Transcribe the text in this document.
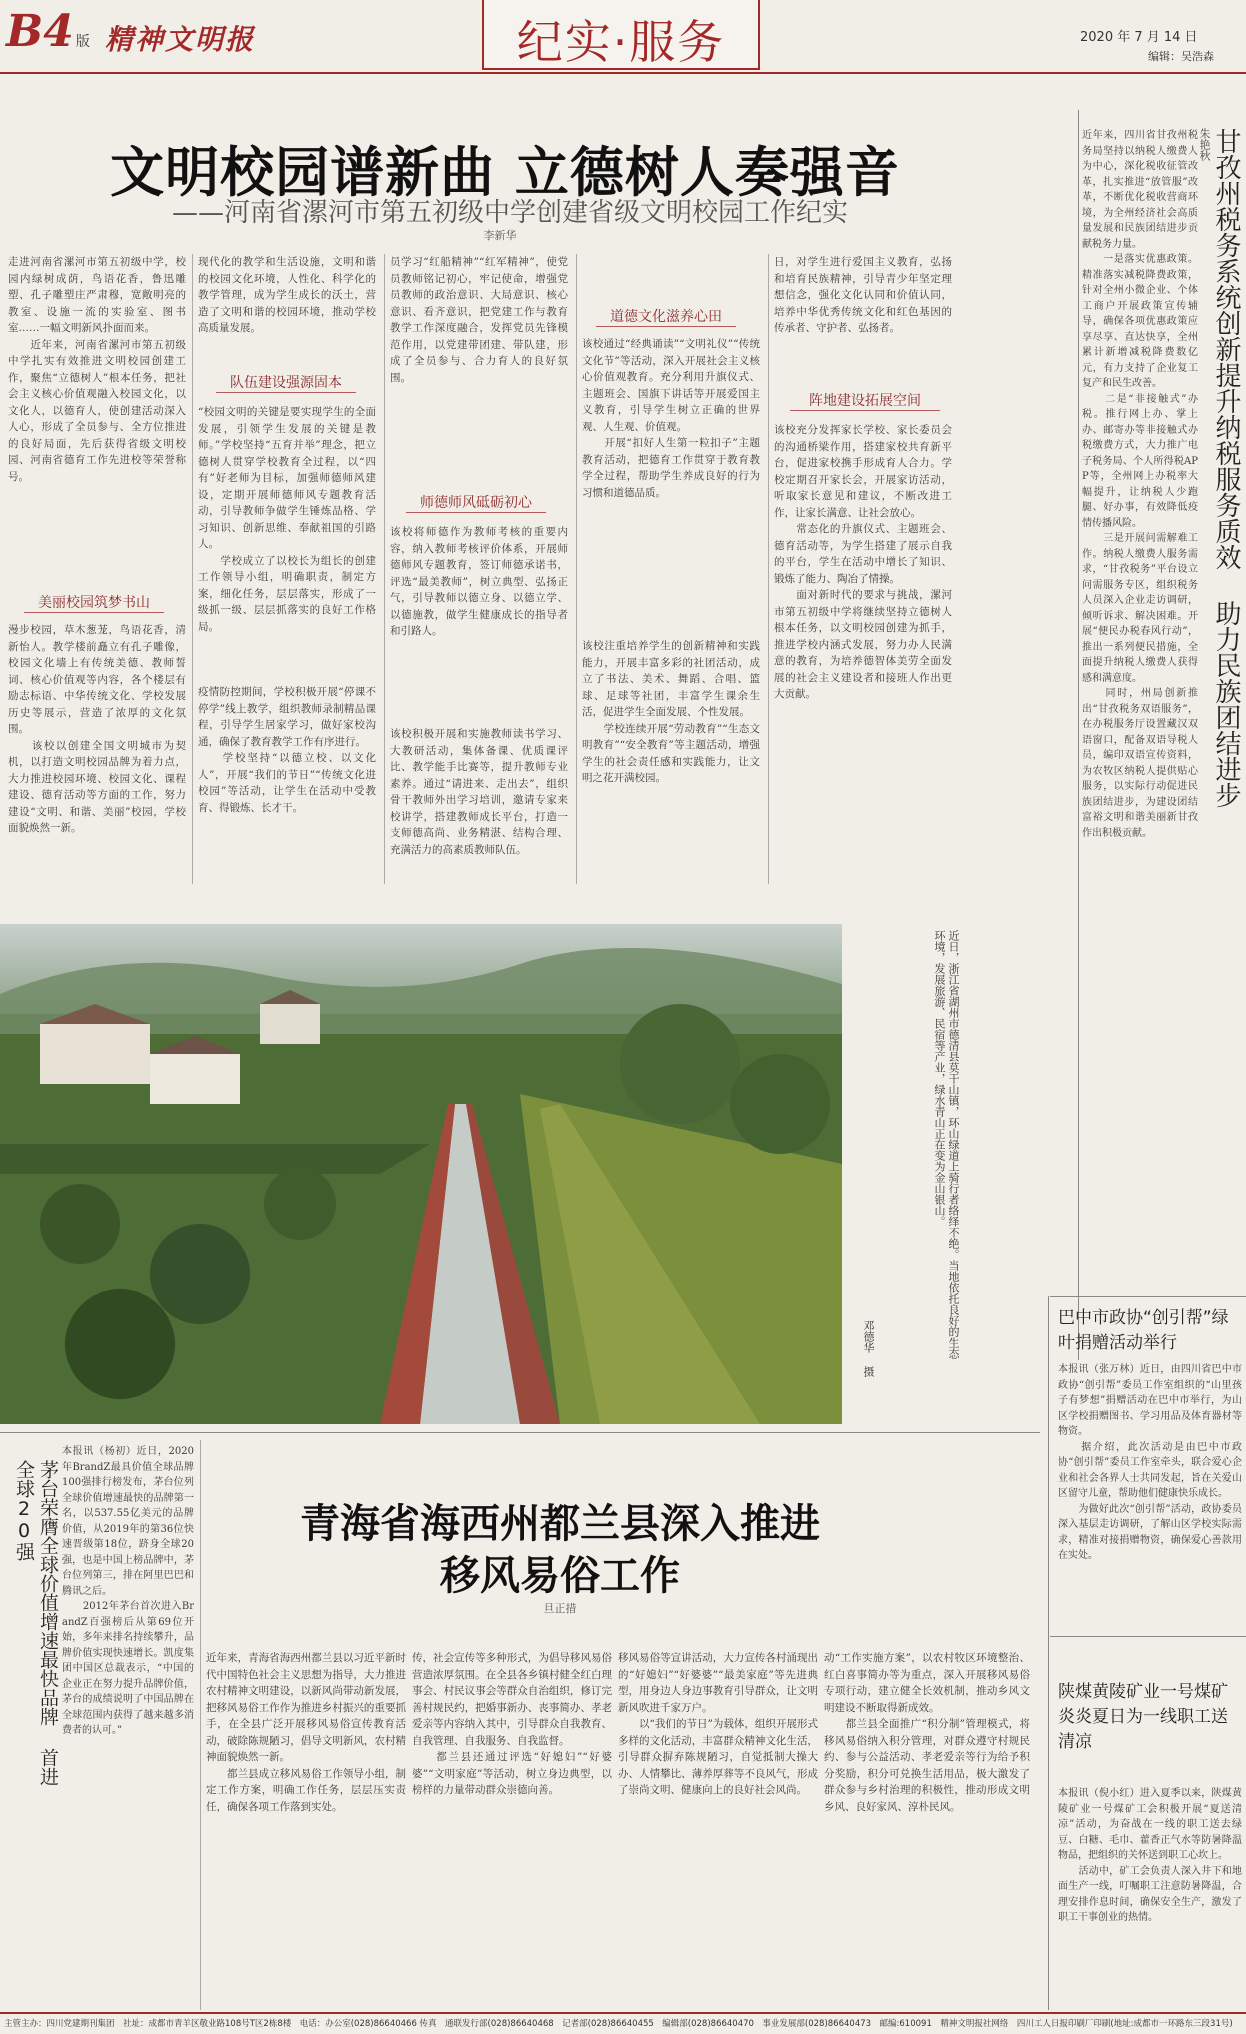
B4 版 精神文明报	纪实·服务	2020 年 7 月 14 日
编辑：吴浩森
文明校园谱新曲 立德树人奏强音
——河南省漯河市第五初级中学创建省级文明校园工作纪实
李新华
走进河南省漯河市第五初级中学，校园内绿树成荫，鸟语花香，鲁迅雕塑、孔子雕塑庄严肃穆，宽敞明亮的教室、设施一流的实验室、图书室……一幅文明新风扑面而来。
　　近年来，河南省漯河市第五初级中学扎实有效推进文明校园创建工作，聚焦“立德树人”根本任务，把社会主义核心价值观融入校园文化，以文化人，以德育人，使创建活动深入人心，形成了全员参与、全方位推进的良好局面，先后获得省级文明校园、河南省德育工作先进校等荣誉称号。
美丽校园筑梦书山
漫步校园，草木葱茏，鸟语花香，清新怡人。教学楼前矗立有孔子雕像，校园文化墙上有传统美德、教师誓词、核心价值观等内容，各个楼层有励志标语、中华传统文化、学校发展历史等展示，营造了浓厚的文化氛围。
　　该校以创建全国文明城市为契机，以打造文明校园品牌为着力点，大力推进校园环境、校园文化、课程建设、德育活动等方面的工作，努力建设“文明、和谐、美丽”校园，学校面貌焕然一新。
现代化的教学和生活设施，文明和谐的校园文化环境，人性化、科学化的教学管理，成为学生成长的沃土，营造了文明和谐的校园环境，推动学校高质量发展。
队伍建设强源固本
“校园文明的关键是要实现学生的全面发展，引领学生发展的关键是教师。”学校坚持“五育并举”理念，把立德树人贯穿学校教育全过程，以“四有”好老师为目标，加强师德师风建设，定期开展师德师风专题教育活动，引导教师争做学生锤炼品格、学习知识、创新思维、奉献祖国的引路人。
　　学校成立了以校长为组长的创建工作领导小组，明确职责，制定方案，细化任务，层层落实，形成了一级抓一级、层层抓落实的良好工作格局。
疫情防控期间，学校积极开展“停课不停学”线上教学，组织教师录制精品课程，引导学生居家学习，做好家校沟通，确保了教育教学工作有序进行。
　　学校坚持“以德立校、以文化人”，开展“我们的节日”“传统文化进校园”等活动，让学生在活动中受教育、得锻炼、长才干。
员学习“红船精神”“红军精神”，使党员教师铭记初心，牢记使命，增强党员教师的政治意识、大局意识、核心意识、看齐意识，把党建工作与教育教学工作深度融合，发挥党员先锋模范作用，以党建带团建、带队建，形成了全员参与、合力育人的良好氛围。
师德师风砥砺初心
该校将师德作为教师考核的重要内容，纳入教师考核评价体系，开展师德师风专题教育，签订师德承诺书，评选“最美教师”，树立典型、弘扬正气，引导教师以德立身、以德立学、以德施教，做学生健康成长的指导者和引路人。
该校积极开展和实施教师读书学习、大教研活动，集体备课、优质课评比、教学能手比赛等，提升教师专业素养。通过“请进来、走出去”，组织骨干教师外出学习培训，邀请专家来校讲学，搭建教师成长平台，打造一支师德高尚、业务精湛、结构合理、充满活力的高素质教师队伍。
道德文化滋养心田
该校通过“经典诵读”“文明礼仪”“传统文化节”等活动，深入开展社会主义核心价值观教育。充分利用升旗仪式、主题班会、国旗下讲话等开展爱国主义教育，引导学生树立正确的世界观、人生观、价值观。
　　开展“扣好人生第一粒扣子”主题教育活动，把德育工作贯穿于教育教学全过程，帮助学生养成良好的行为习惯和道德品质。
该校注重培养学生的创新精神和实践能力，开展丰富多彩的社团活动，成立了书法、美术、舞蹈、合唱、篮球、足球等社团，丰富学生课余生活，促进学生全面发展、个性发展。
　　学校连续开展“劳动教育”“生态文明教育”“安全教育”等主题活动，增强学生的社会责任感和实践能力，让文明之花开满校园。
日，对学生进行爱国主义教育，弘扬和培育民族精神，引导青少年坚定理想信念，强化文化认同和价值认同，培养中华优秀传统文化和红色基因的传承者、守护者、弘扬者。
阵地建设拓展空间
该校充分发挥家长学校、家长委员会的沟通桥梁作用，搭建家校共育新平台，促进家校携手形成育人合力。学校定期召开家长会，开展家访活动，听取家长意见和建议，不断改进工作，让家长满意、让社会放心。
　　常态化的升旗仪式、主题班会、德育活动等，为学生搭建了展示自我的平台，学生在活动中增长了知识、锻炼了能力、陶冶了情操。
　　面对新时代的要求与挑战，漯河市第五初级中学将继续坚持立德树人根本任务，以文明校园创建为抓手，推进学校内涵式发展，努力办人民满意的教育，为培养德智体美劳全面发展的社会主义建设者和接班人作出更大贡献。
近年来，四川省甘孜州税务局坚持以纳税人缴费人为中心，深化税收征管改革，扎实推进“放管服”改革，不断优化税收营商环境，为全州经济社会高质量发展和民族团结进步贡献税务力量。
　　一是落实优惠政策。精准落实减税降费政策，针对全州小微企业、个体工商户开展政策宣传辅导，确保各项优惠政策应享尽享、直达快享，全州累计新增减税降费数亿元，有力支持了企业复工复产和民生改善。
　　二是“非接触式”办税。推行网上办、掌上办、邮寄办等非接触式办税缴费方式，大力推广电子税务局、个人所得税APP等，全州网上办税率大幅提升，让纳税人少跑腿、好办事，有效降低疫情传播风险。
　　三是开展问需解难工作。纳税人缴费人服务需求，“甘孜税务”平台设立问需服务专区，组织税务人员深入企业走访调研，倾听诉求、解决困难。开展“便民办税春风行动”，推出一系列便民措施，全面提升纳税人缴费人获得感和满意度。
　　同时，州局创新推出“甘孜税务双语服务”，在办税服务厅设置藏汉双语窗口，配备双语导税人员，编印双语宣传资料，为农牧区纳税人提供贴心服务，以实际行动促进民族团结进步，为建设团结富裕文明和谐美丽新甘孜作出积极贡献。
甘孜州税务系统创新提升纳税服务质效 助力民族团结进步
朱艳秋
近日，浙江省湖州市德清县莫干山镇，环山绿道上骑行者络绎不绝。当地依托良好的生态环境，发展旅游、民宿等产业，绿水青山正在变为金山银山。
邓德华 摄
巴中市政协“创引帮”绿叶捐赠活动举行
本报讯（张万林）近日，由四川省巴中市政协“创引帮”委员工作室组织的“山里孩子有梦想”捐赠活动在巴中市举行，为山区学校捐赠图书、学习用品及体育器材等物资。
　　据介绍，此次活动是由巴中市政协“创引帮”委员工作室牵头，联合爱心企业和社会各界人士共同发起，旨在关爱山区留守儿童，帮助他们健康快乐成长。
　　为做好此次“创引帮”活动，政协委员深入基层走访调研，了解山区学校实际需求，精准对接捐赠物资，确保爱心善款用在实处。
陕煤黄陵矿业一号煤矿炎炎夏日为一线职工送清凉
本报讯（倪小红）进入夏季以来，陕煤黄陵矿业一号煤矿工会积极开展“夏送清凉”活动，为奋战在一线的职工送去绿豆、白糖、毛巾、藿香正气水等防暑降温物品，把组织的关怀送到职工心坎上。
　　活动中，矿工会负责人深入井下和地面生产一线，叮嘱职工注意防暑降温，合理安排作息时间，确保安全生产，激发了职工干事创业的热情。
茅台荣膺全球价值增速最快品牌 首进全球20强
本报讯（杨初）近日，2020年BrandZ最具价值全球品牌100强排行榜发布，茅台位列全球价值增速最快的品牌第一名，以537.55亿美元的品牌价值，从2019年的第36位快速晋级第18位，跻身全球20强，也是中国上榜品牌中，茅台位列第三，排在阿里巴巴和腾讯之后。
　　2012年茅台首次进入BrandZ百强榜后从第69位开始，多年来排名持续攀升，品牌价值实现快速增长。凯度集团中国区总裁表示，“中国的企业正在努力提升品牌价值，茅台的成绩说明了中国品牌在全球范围内获得了越来越多消费者的认可。”
青海省海西州都兰县深入推进移风易俗工作
旦正措
近年来，青海省海西州都兰县以习近平新时代中国特色社会主义思想为指导，大力推进农村精神文明建设，以新风尚带动新发展，把移风易俗工作作为推进乡村振兴的重要抓手，在全县广泛开展移风易俗宣传教育活动，破除陈规陋习，倡导文明新风，农村精神面貌焕然一新。
　　都兰县成立移风易俗工作领导小组，制定工作方案，明确工作任务，层层压实责任，确保各项工作落到实处。
传，社会宣传等多种形式，为倡导移风易俗营造浓厚氛围。在全县各乡镇村健全红白理事会、村民议事会等群众自治组织，修订完善村规民约，把婚事新办、丧事简办、孝老爱亲等内容纳入其中，引导群众自我教育、自我管理、自我服务、自我监督。
　　都兰县还通过评选“好媳妇”“好婆婆”“文明家庭”等活动，树立身边典型，以榜样的力量带动群众崇德向善。
移风易俗等宣讲活动，大力宣传各村涌现出的“好媳妇”“好婆婆”“最美家庭”等先进典型，用身边人身边事教育引导群众，让文明新风吹进千家万户。
　　以“我们的节日”为载体，组织开展形式多样的文化活动，丰富群众精神文化生活，引导群众摒弃陈规陋习，自觉抵制大操大办、人情攀比、薄养厚葬等不良风气，形成了崇尚文明、健康向上的良好社会风尚。
动“工作实施方案”，以农村牧区环境整治、红白喜事简办等为重点，深入开展移风易俗专项行动，建立健全长效机制，推动乡风文明建设不断取得新成效。
　　都兰县全面推广“积分制”管理模式，将移风易俗纳入积分管理，对群众遵守村规民约、参与公益活动、孝老爱亲等行为给予积分奖励，积分可兑换生活用品，极大激发了群众参与乡村治理的积极性，推动形成文明乡风、良好家风、淳朴民风。
主管主办：四川党建期刊集团　社址：成都市青羊区敬业路108号T区2栋8楼　电话：办公室(028)86640466 传真　通联发行部(028)86640468　记者部(028)86640455　编辑部(028)86640470　事业发展部(028)86640473　邮编:610091　精神文明报社网络　四川工人日报印刷厂印刷(地址:成都市一环路东三段31号)
